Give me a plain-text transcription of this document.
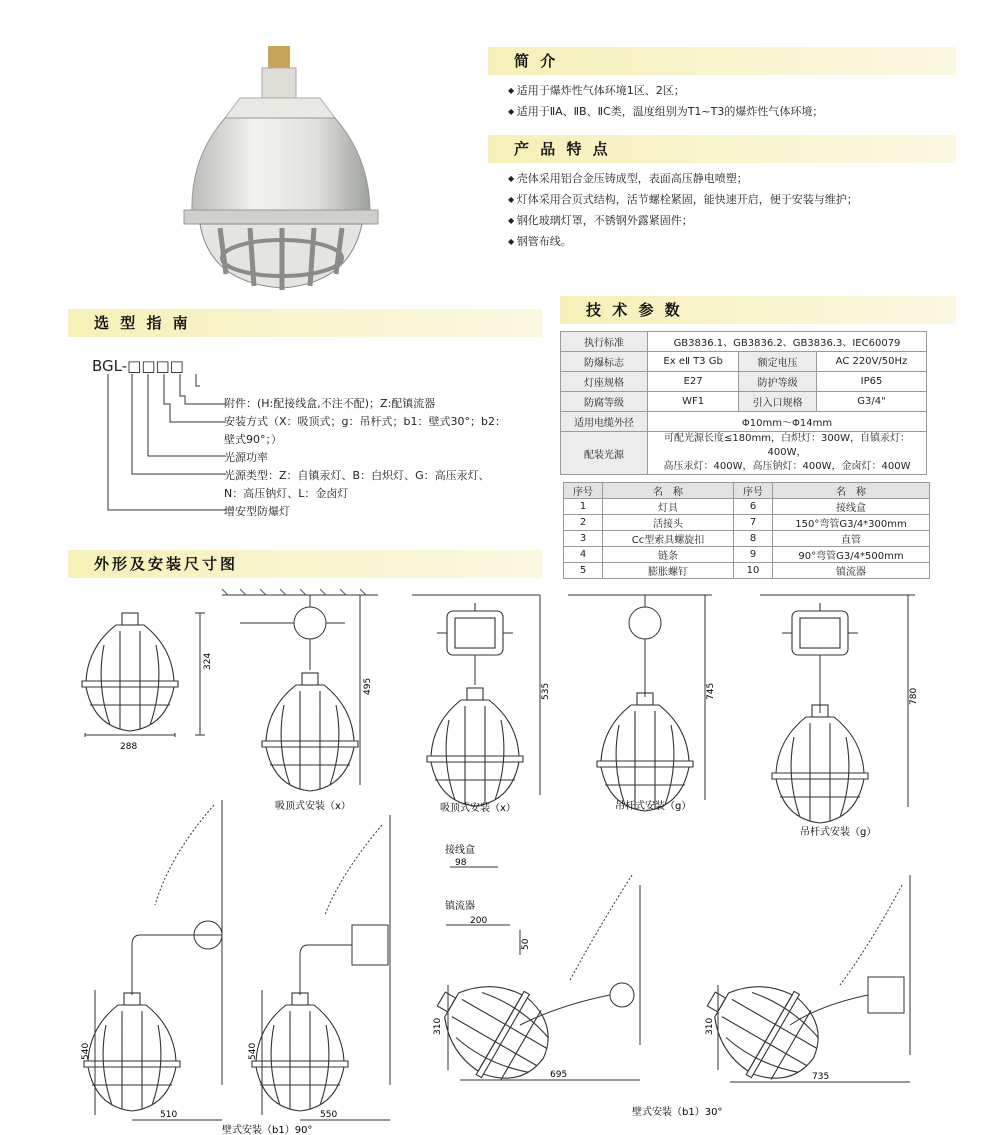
简 介
◆ 适用于爆炸性气体环境1区、2区；
◆ 适用于ⅡA、ⅡB、ⅡC类，温度组别为T1~T3的爆炸性气体环境；
产 品 特 点
◆ 壳体采用铝合金压铸成型，表面高压静电喷塑；
◆ 灯体采用合页式结构，活节螺栓紧固，能快速开启，便于安装与维护；
◆ 钢化玻璃灯罩，不锈钢外露紧固件；
◆ 钢管布线。
选 型 指 南
BGL-□□□□
附件：(H:配接线盒,不注不配)；Z:配镇流器
安装方式（X：吸顶式；g：吊杆式；b1：壁式30°；b2：
壁式90°；）
光源功率
光源类型：Z：自镇汞灯、B：白炽灯、G：高压汞灯、
N：高压钠灯、L：金卤灯
增安型防爆灯
技 术 参 数
执行标准	GB3836.1、GB3836.2、GB3836.3、IEC60079		
防爆标志	Ex eⅡ T3 Gb	额定电压	AC 220V/50Hz
灯座规格	E27	防护等级	IP65
防腐等级	WF1	引入口规格	G3/4"
适用电缆外径	Φ10mm～Φ14mm		
配装光源	可配光源长度≤180mm，白炽灯：300W，自镇汞灯：400W，
高压汞灯：400W，高压钠灯：400W，金卤灯：400W		
序号	名　称	序号	名　称
1	灯具	6	接线盒
2	活接头	7	150°弯管G3/4*300mm
3	Cc型索具螺旋扣	8	直管
4	链条	9	90°弯管G3/4*500mm
5	膨胀螺钉	10	镇流器
外形及安装尺寸图
324
288
495
吸顶式安装（x）
535
吸顶式安装（x）
745
吊杆式安装（g）
780
吊杆式安装（g）
540
510
540
550
壁式安装（b1）90°
接线盒
98
镇流器
200
50
310
695
310
735
壁式安装（b1）30°
